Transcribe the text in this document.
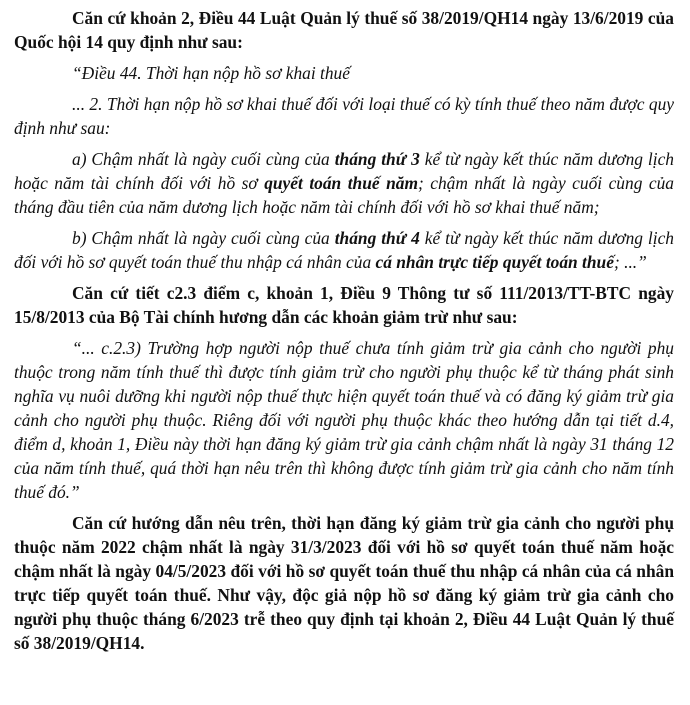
Căn cứ khoản 2, Điều 44 Luật Quản lý thuế số 38/2019/QH14 ngày 13/6/2019 của Quốc hội 14 quy định như sau:

“Điều 44. Thời hạn nộp hồ sơ khai thuế

... 2. Thời hạn nộp hồ sơ khai thuế đối với loại thuế có kỳ tính thuế theo năm được quy định như sau:

a) Chậm nhất là ngày cuối cùng của tháng thứ 3 kể từ ngày kết thúc năm dương lịch hoặc năm tài chính đối với hồ sơ quyết toán thuế năm; chậm nhất là ngày cuối cùng của tháng đầu tiên của năm dương lịch hoặc năm tài chính đối với hồ sơ khai thuế năm;

b) Chậm nhất là ngày cuối cùng của tháng thứ 4 kể từ ngày kết thúc năm dương lịch đối với hồ sơ quyết toán thuế thu nhập cá nhân của cá nhân trực tiếp quyết toán thuế; ...”

Căn cứ tiết c2.3 điểm c, khoản 1, Điều 9 Thông tư số 111/2013/TT-BTC ngày 15/8/2013 của Bộ Tài chính hương dẫn các khoản giảm trừ như sau:

“... c.2.3) Trường hợp người nộp thuế chưa tính giảm trừ gia cảnh cho người phụ thuộc trong năm tính thuế thì được tính giảm trừ cho người phụ thuộc kể từ tháng phát sinh nghĩa vụ nuôi dưỡng khi người nộp thuế thực hiện quyết toán thuế và có đăng ký giảm trừ gia cảnh cho người phụ thuộc. Riêng đối với người phụ thuộc khác theo hướng dẫn tại tiết d.4, điểm d, khoản 1, Điều này thời hạn đăng ký giảm trừ gia cảnh chậm nhất là ngày 31 tháng 12 của năm tính thuế, quá thời hạn nêu trên thì không được tính giảm trừ gia cảnh cho năm tính thuế đó.”

Căn cứ hướng dẫn nêu trên, thời hạn đăng ký giảm trừ gia cảnh cho người phụ thuộc năm 2022 chậm nhất là ngày 31/3/2023 đối với hồ sơ quyết toán thuế năm hoặc chậm nhất là ngày 04/5/2023 đối với hồ sơ quyết toán thuế thu nhập cá nhân của cá nhân trực tiếp quyết toán thuế. Như vậy, độc giả nộp hồ sơ đăng ký giảm trừ gia cảnh cho người phụ thuộc tháng 6/2023 trễ theo quy định tại khoản 2, Điều 44 Luật Quản lý thuế số 38/2019/QH14.
